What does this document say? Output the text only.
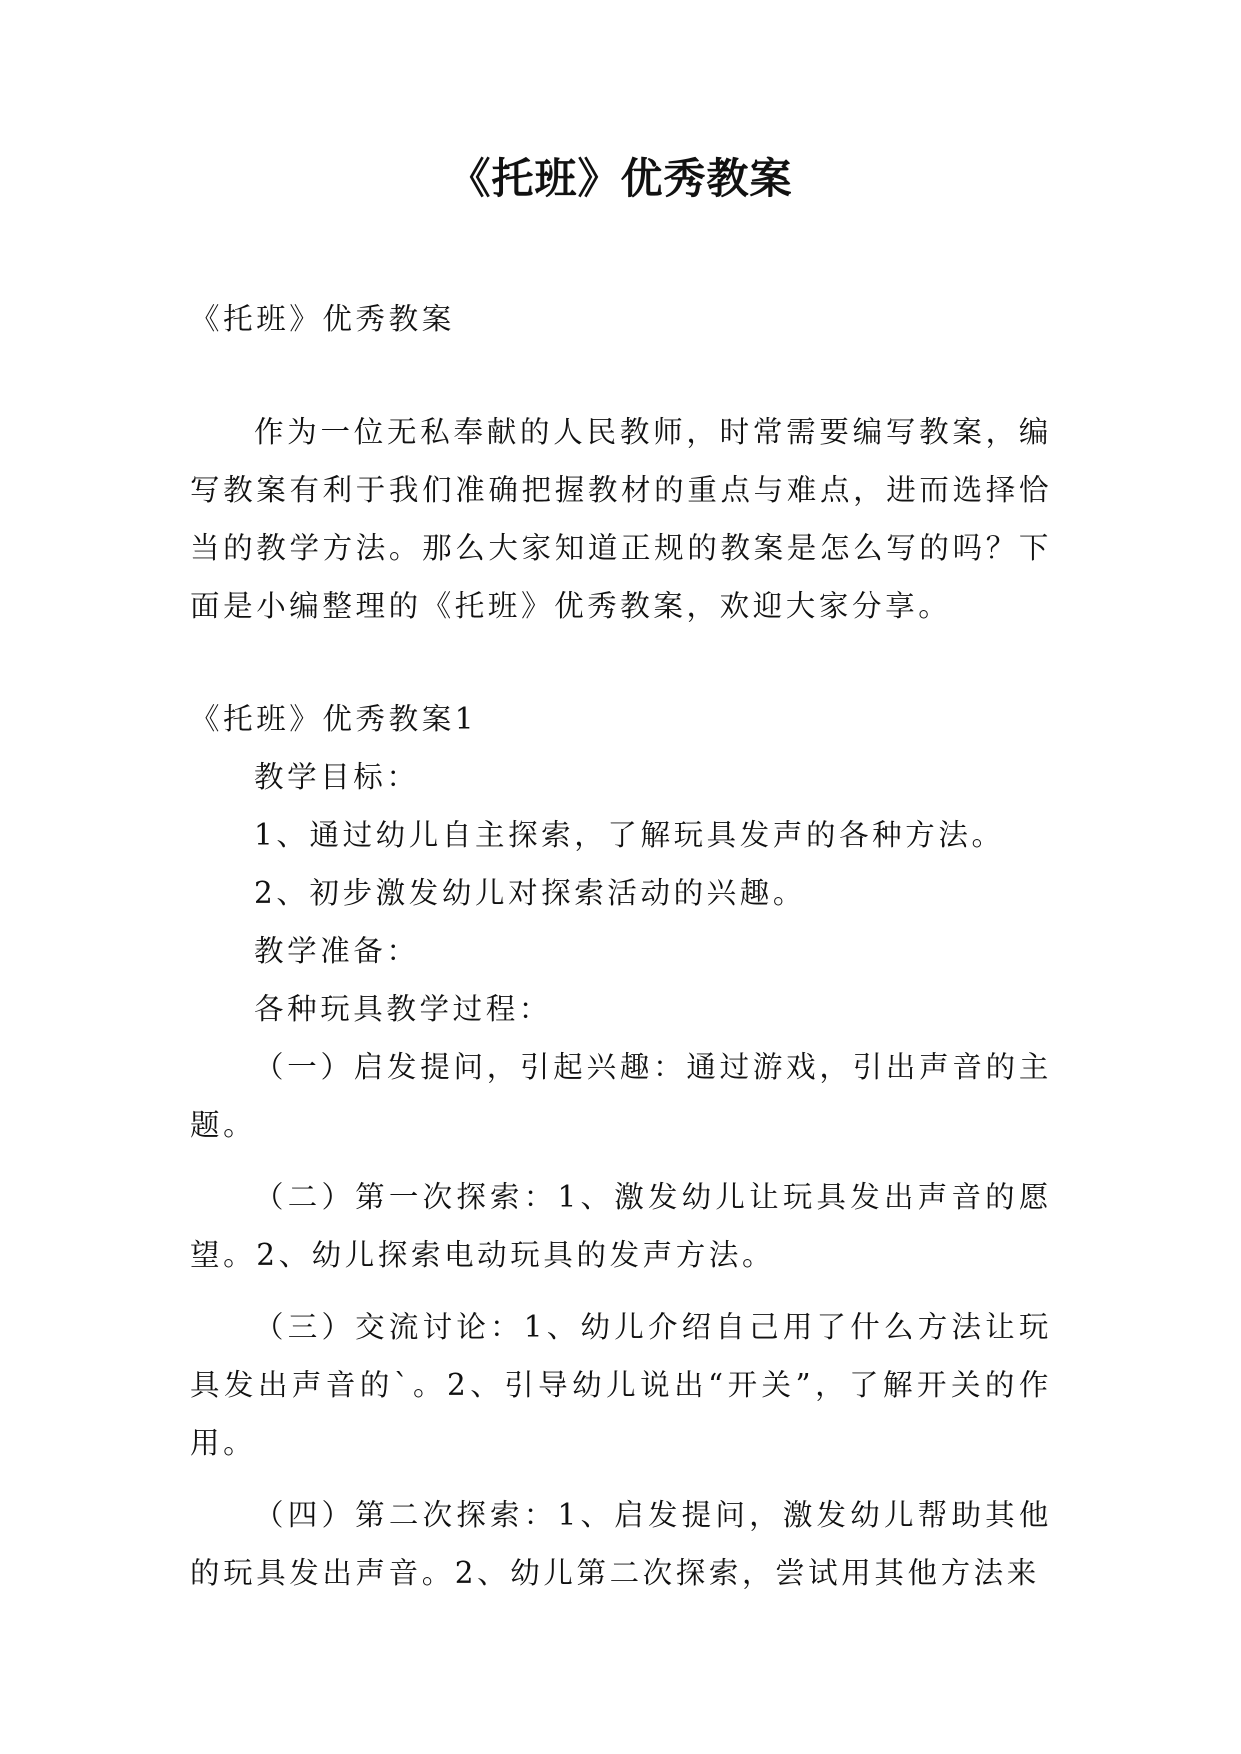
《托班》优秀教案

《托班》优秀教案

作为一位无私奉献的人民教师，时常需要编写教案，编写教案有利于我们准确把握教材的重点与难点，进而选择恰当的教学方法。那么大家知道正规的教案是怎么写的吗？下面是小编整理的《托班》优秀教案，欢迎大家分享。

《托班》优秀教案1

教学目标：

1、通过幼儿自主探索，了解玩具发声的各种方法。

2、初步激发幼儿对探索活动的兴趣。

教学准备：

各种玩具教学过程：

（一）启发提问，引起兴趣：通过游戏，引出声音的主题。

（二）第一次探索：1、激发幼儿让玩具发出声音的愿望。2、幼儿探索电动玩具的发声方法。

（三）交流讨论：1、幼儿介绍自己用了什么方法让玩具发出声音的`。2、引导幼儿说出“开关”，了解开关的作用。

（四）第二次探索：1、启发提问，激发幼儿帮助其他的玩具发出声音。2、幼儿第二次探索，尝试用其他方法来
